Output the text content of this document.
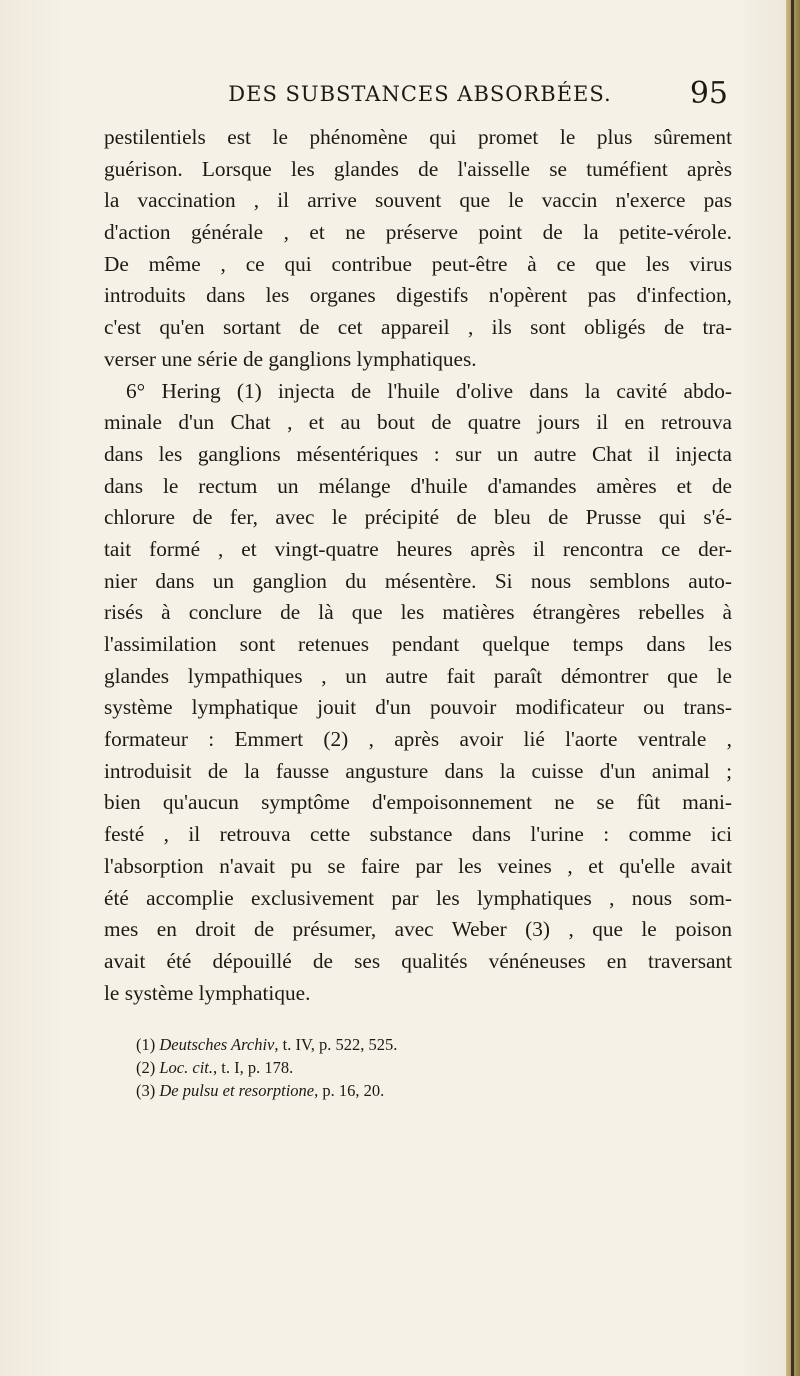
DES SUBSTANCES ABSORBÉES.	95
pestilentiels est le phénomène qui promet le plus sûrement
guérison. Lorsque les glandes de l'aisselle se tuméfient après
la vaccination , il arrive souvent que le vaccin n'exerce pas
d'action générale , et ne préserve point de la petite-vérole.
De même , ce qui contribue peut-être à ce que les virus
introduits dans les organes digestifs n'opèrent pas d'infection,
c'est qu'en sortant de cet appareil , ils sont obligés de tra-
verser une série de ganglions lymphatiques.
6° Hering (1) injecta de l'huile d'olive dans la cavité abdo-
minale d'un Chat , et au bout de quatre jours il en retrouva
dans les ganglions mésentériques : sur un autre Chat il injecta
dans le rectum un mélange d'huile d'amandes amères et de
chlorure de fer, avec le précipité de bleu de Prusse qui s'é-
tait formé , et vingt-quatre heures après il rencontra ce der-
nier dans un ganglion du mésentère. Si nous semblons auto-
risés à conclure de là que les matières étrangères rebelles à
l'assimilation sont retenues pendant quelque temps dans les
glandes lympathiques , un autre fait paraît démontrer que le
système lymphatique jouit d'un pouvoir modificateur ou trans-
formateur : Emmert (2) , après avoir lié l'aorte ventrale ,
introduisit de la fausse angusture dans la cuisse d'un animal ;
bien qu'aucun symptôme d'empoisonnement ne se fût mani-
festé , il retrouva cette substance dans l'urine : comme ici
l'absorption n'avait pu se faire par les veines , et qu'elle avait
été accomplie exclusivement par les lymphatiques , nous som-
mes en droit de présumer, avec Weber (3) , que le poison
avait été dépouillé de ses qualités vénéneuses en traversant
le système lymphatique.
(1) Deutsches Archiv, t. IV, p. 522, 525.
(2) Loc. cit., t. I, p. 178.
(3) De pulsu et resorptione, p. 16, 20.
